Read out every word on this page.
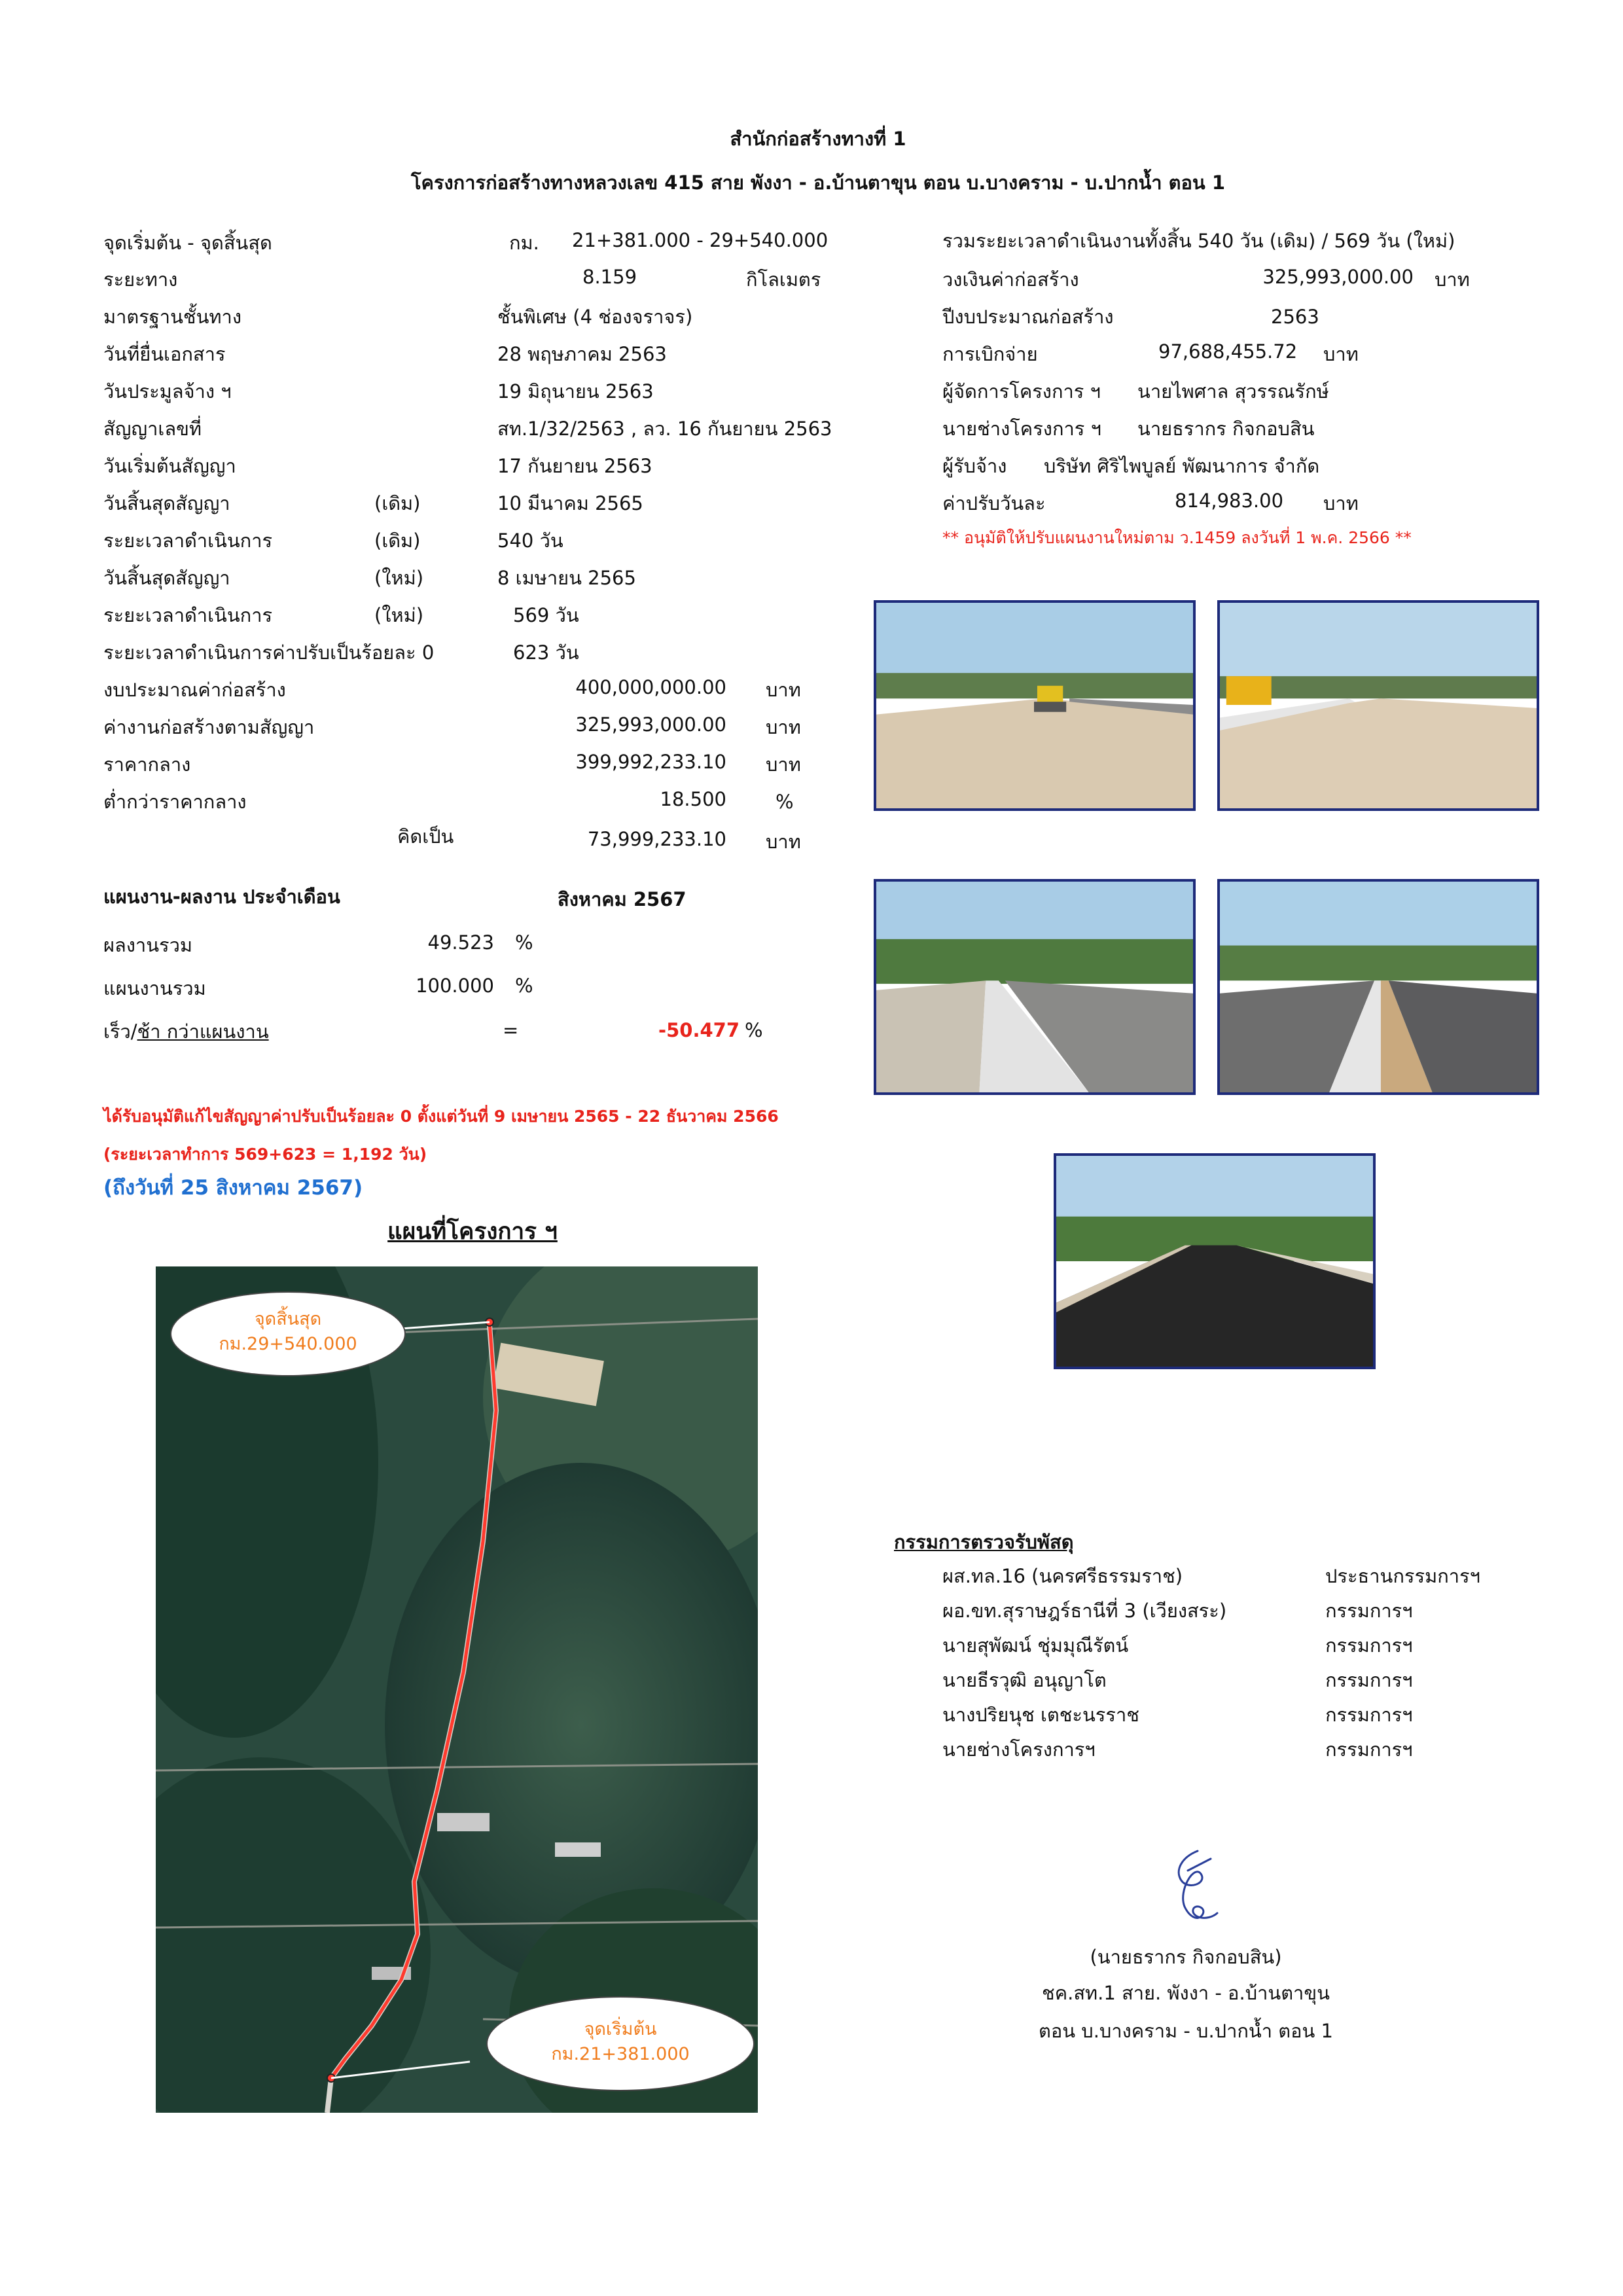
สำนักก่อสร้างทางที่ 1
โครงการก่อสร้างทางหลวงเลข 415 สาย พังงา - อ.บ้านตาขุน ตอน บ.บางคราม - บ.ปากน้ำ ตอน 1
จุดเริ่มต้น - จุดสิ้นสุด	กม. 21+381.000 - 29+540.000
ระยะทาง	8.159	กิโลเมตร
มาตรฐานชั้นทาง	ชั้นพิเศษ (4 ช่องจราจร)
วันที่ยื่นเอกสาร	28 พฤษภาคม 2563
วันประมูลจ้าง ฯ	19 มิถุนายน 2563
สัญญาเลขที่	สท.1/32/2563 , ลว. 16 กันยายน 2563
วันเริ่มต้นสัญญา	17 กันยายน 2563
วันสิ้นสุดสัญญา	(เดิม)	10 มีนาคม 2565
ระยะเวลาดำเนินการ	(เดิม)	540 วัน
วันสิ้นสุดสัญญา	(ใหม่)	8 เมษายน 2565
ระยะเวลาดำเนินการ	(ใหม่)	569 วัน
ระยะเวลาดำเนินการค่าปรับเป็นร้อยละ 0	623 วัน
งบประมาณค่าก่อสร้าง	400,000,000.00 บาท
ค่างานก่อสร้างตามสัญญา	325,993,000.00 บาท
ราคากลาง	399,992,233.10 บาท
ต่ำกว่าราคากลาง	18.500	%
คิดเป็น	73,999,233.10 บาท
รวมระยะเวลาดำเนินงานทั้งสิ้น 540 วัน (เดิม) / 569 วัน (ใหม่)
วงเงินค่าก่อสร้าง	325,993,000.00 บาท
ปีงบประมาณก่อสร้าง	2563
การเบิกจ่าย	97,688,455.72 บาท
ผู้จัดการโครงการ ฯ นายไพศาล สุวรรณรักษ์
นายช่างโครงการ ฯ นายธรากร กิจกอบสิน
ผู้รับจ้าง บริษัท ศิริไพบูลย์ พัฒนาการ จำกัด
ค่าปรับวันละ	814,983.00 บาท
** อนุมัติให้ปรับแผนงานใหม่ตาม ว.1459 ลงวันที่ 1 พ.ค. 2566 **
แผนงาน-ผลงาน ประจำเดือน	สิงหาคม 2567
ผลงานรวม	49.523 %
แผนงานรวม	100.000 %
เร็ว/ช้า กว่าแผนงาน	=	-50.477 %
ได้รับอนุมัติแก้ไขสัญญาค่าปรับเป็นร้อยละ 0 ตั้งแต่วันที่ 9 เมษายน 2565 - 22 ธันวาคม 2566
(ระยะเวลาทำการ 569+623 = 1,192 วัน)
(ถึงวันที่ 25 สิงหาคม 2567)
แผนที่โครงการ ฯ
จุดสิ้นสุด
กม.29+540.000
จุดเริ่มต้น
กม.21+381.000
กรรมการตรวจรับพัสดุ
ผส.ทล.16 (นครศรีธรรมราช)	ประธานกรรมการฯ
ผอ.ขท.สุราษฎร์ธานีที่ 3 (เวียงสระ)	กรรมการฯ
นายสุพัฒน์ ชุ่มมุณีรัตน์	กรรมการฯ
นายธีรวุฒิ อนุญาโต	กรรมการฯ
นางปริยนุช เตชะนรราช	กรรมการฯ
นายช่างโครงการฯ	กรรมการฯ
(นายธรากร กิจกอบสิน)
ชค.สท.1 สาย. พังงา - อ.บ้านตาขุน
ตอน บ.บางคราม - บ.ปากน้ำ ตอน 1
